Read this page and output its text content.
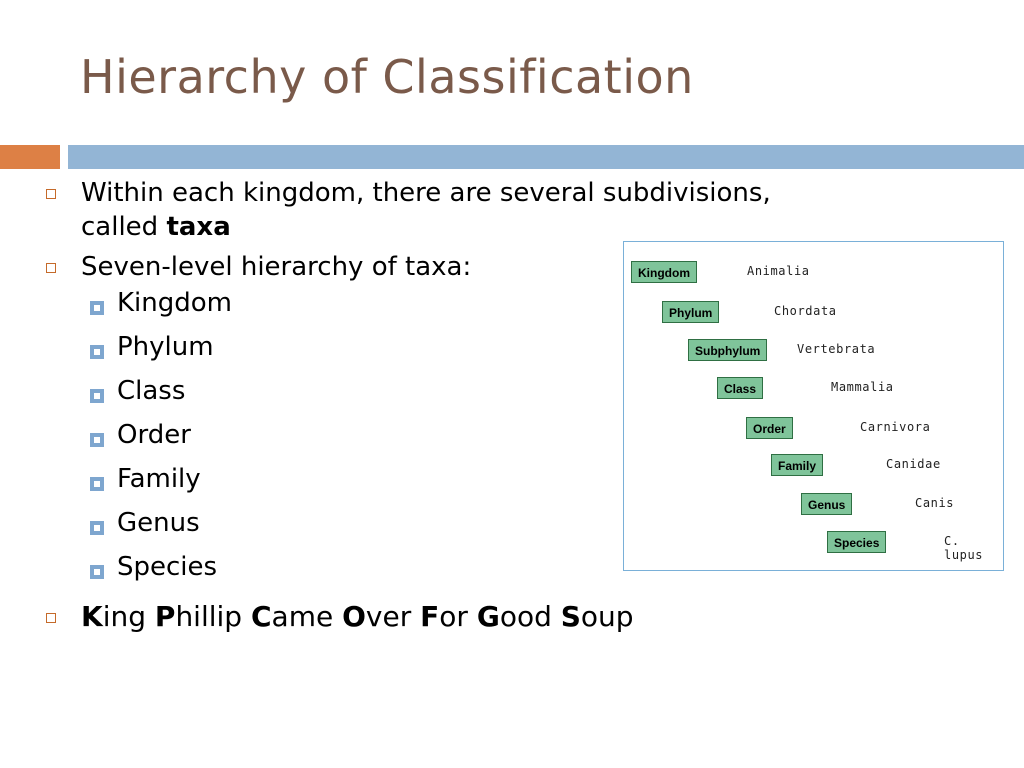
Hierarchy of Classification
Within each kingdom, there are several subdivisions,
called taxa
Seven-level hierarchy of taxa:
Kingdom
Phylum
Class
Order
Family
Genus
Species
King Phillip Came Over For Good Soup
Kingdom	Animalia
Phylum	Chordata
Subphylum	Vertebrata
Class	Mammalia
Order	Carnivora
Family	Canidae
Genus	Canis
Species	C. lupus
